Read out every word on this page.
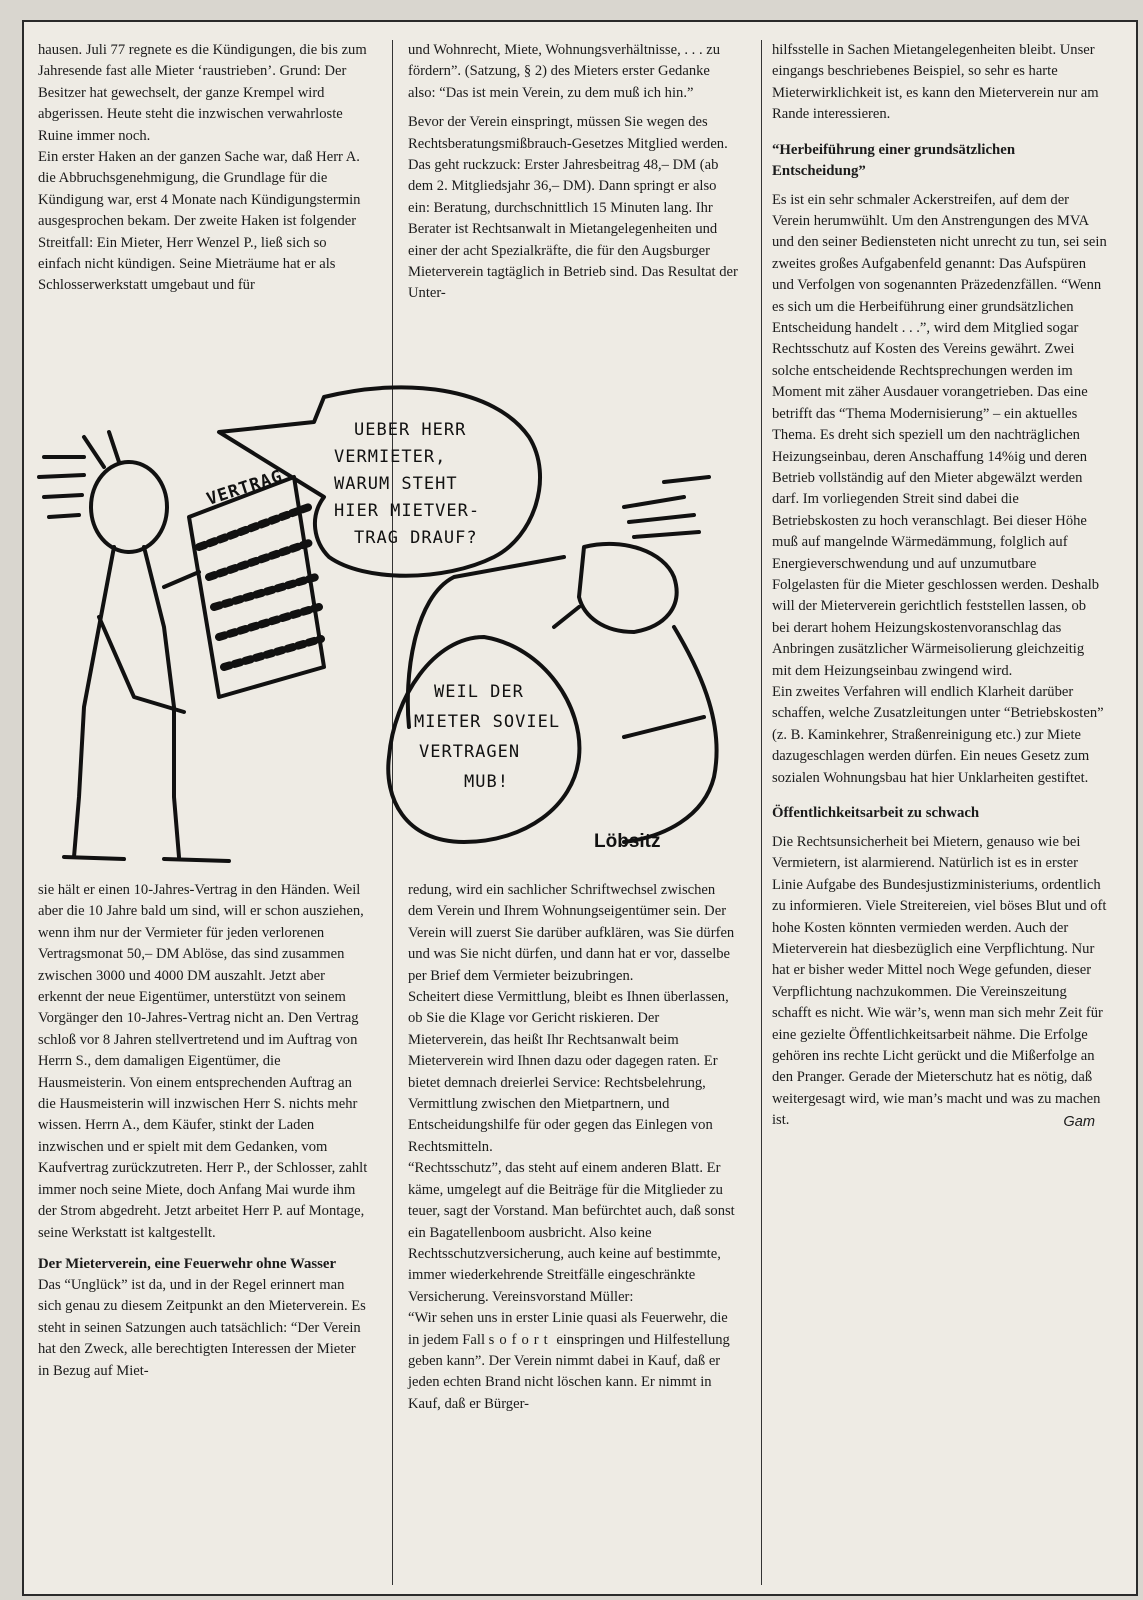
hausen. Juli 77 regnete es die Kündigungen, die bis zum Jahresende fast alle Mieter ‘raustrieben’. Grund: Der Besitzer hat gewechselt, der ganze Krempel wird abgerissen. Heute steht die inzwischen verwahrloste Ruine immer noch.

Ein erster Haken an der ganzen Sache war, daß Herr A. die Abbruchsgenehmigung, die Grundlage für die Kündigung war, erst 4 Monate nach Kündigungstermin ausgesprochen bekam. Der zweite Haken ist folgender Streitfall: Ein Mieter, Herr Wenzel P., ließ sich so einfach nicht kündigen. Seine Mieträume hat er als Schlosserwerkstatt umgebaut und für

und Wohnrecht, Miete, Wohnungsverhältnisse, . . . zu fördern”. (Satzung, § 2) des Mieters erster Gedanke also: “Das ist mein Verein, zu dem muß ich hin.”

Bevor der Verein einspringt, müssen Sie wegen des Rechtsberatungsmißbrauch-Gesetzes Mitglied werden. Das geht ruckzuck: Erster Jahresbeitrag 48,– DM (ab dem 2. Mitgliedsjahr 36,– DM). Dann springt er also ein: Beratung, durchschnittlich 15 Minuten lang. Ihr Berater ist Rechtsanwalt in Mietangelegenheiten und einer der acht Spezialkräfte, die für den Augsburger Mieterverein tagtäglich in Betrieb sind. Das Resultat der Unter-

hilfsstelle in Sachen Mietangelegenheiten bleibt. Unser eingangs beschriebenes Beispiel, so sehr es harte Mieterwirklichkeit ist, es kann den Mieterverein nur am Rande interessieren.

“Herbeiführung einer grundsätzlichen Entscheidung”

Es ist ein sehr schmaler Ackerstreifen, auf dem der Verein herumwühlt. Um den Anstrengungen des MVA und den seiner Bediensteten nicht unrecht zu tun, sei sein zweites großes Aufgabenfeld genannt: Das Aufspüren und Verfolgen von sogenannten Präzedenzfällen. “Wenn es sich um die Herbeiführung einer grundsätzlichen Entscheidung handelt . . .”, wird dem Mitglied sogar Rechtsschutz auf Kosten des Vereins gewährt. Zwei solche entscheidende Rechtsprechungen werden im Moment mit zäher Ausdauer vorangetrieben. Das eine betrifft das “Thema Modernisierung” – ein aktuelles Thema. Es dreht sich speziell um den nachträglichen Heizungseinbau, deren Anschaffung 14%ig und deren Betrieb vollständig auf den Mieter abgewälzt werden darf. Im vorliegenden Streit sind dabei die Betriebskosten zu hoch veranschlagt. Bei dieser Höhe muß auf mangelnde Wärmedämmung, folglich auf Energieverschwendung und auf unzumutbare Folgelasten für die Mieter geschlossen werden. Deshalb will der Mieterverein gerichtlich feststellen lassen, ob bei derart hohem Heizungskostenvoranschlag das Anbringen zusätzlicher Wärmeisolierung gleichzeitig mit dem Heizungseinbau zwingend wird.

Ein zweites Verfahren will endlich Klarheit darüber schaffen, welche Zusatzleitungen unter “Betriebskosten” (z. B. Kaminkehrer, Straßenreinigung etc.) zur Miete dazugeschlagen werden dürfen. Ein neues Gesetz zum sozialen Wohnungsbau hat hier Unklarheiten gestiftet.

Öffentlichkeitsarbeit zu schwach

Die Rechtsunsicherheit bei Mietern, genauso wie bei Vermietern, ist alarmierend. Natürlich ist es in erster Linie Aufgabe des Bundesjustizministeriums, ordentlich zu informieren. Viele Streitereien, viel böses Blut und oft hohe Kosten könnten vermieden werden. Auch der Mieterverein hat diesbezüglich eine Verpflichtung. Nur hat er bisher weder Mittel noch Wege gefunden, dieser Verpflichtung nachzukommen. Die Vereinszeitung schafft es nicht. Wie wär’s, wenn man sich mehr Zeit für eine gezielte Öffentlichkeitsarbeit nähme. Die Erfolge gehören ins rechte Licht gerückt und die Mißerfolge an den Pranger. Gerade der Mieterschutz hat es nötig, daß weitergesagt wird, wie man’s macht und was zu machen ist.	Gam

VERTRAG
UEBER HERR
VERMIETER,
WARUM STEHT
HIER MIETVER-
TRAG DRAUF?
WEIL DER
MIETER SOVIEL
VERTRAGEN
MUB!
Löbsitz

sie hält er einen 10-Jahres-Vertrag in den Händen. Weil aber die 10 Jahre bald um sind, will er schon ausziehen, wenn ihm nur der Vermieter für jeden verlorenen Vertragsmonat 50,– DM Ablöse, das sind zusammen zwischen 3000 und 4000 DM auszahlt. Jetzt aber erkennt der neue Eigentümer, unterstützt von seinem Vorgänger den 10-Jahres-Vertrag nicht an. Den Vertrag schloß vor 8 Jahren stellvertretend und im Auftrag von Herrn S., dem damaligen Eigentümer, die Hausmeisterin. Von einem entsprechenden Auftrag an die Hausmeisterin will inzwischen Herr S. nichts mehr wissen. Herrn A., dem Käufer, stinkt der Laden inzwischen und er spielt mit dem Gedanken, vom Kaufvertrag zurückzutreten. Herr P., der Schlosser, zahlt immer noch seine Miete, doch Anfang Mai wurde ihm der Strom abgedreht. Jetzt arbeitet Herr P. auf Montage, seine Werkstatt ist kaltgestellt.

Der Mieterverein, eine Feuerwehr ohne Wasser

Das “Unglück” ist da, und in der Regel erinnert man sich genau zu diesem Zeitpunkt an den Mieterverein. Es steht in seinen Satzungen auch tatsächlich: “Der Verein hat den Zweck, alle berechtigten Interessen der Mieter in Bezug auf Miet-

redung, wird ein sachlicher Schriftwechsel zwischen dem Verein und Ihrem Wohnungseigentümer sein. Der Verein will zuerst Sie darüber aufklären, was Sie dürfen und was Sie nicht dürfen, und dann hat er vor, dasselbe per Brief dem Vermieter beizubringen.

Scheitert diese Vermittlung, bleibt es Ihnen überlassen, ob Sie die Klage vor Gericht riskieren. Der Mieterverein, das heißt Ihr Rechtsanwalt beim Mieterverein wird Ihnen dazu oder dagegen raten. Er bietet demnach dreierlei Service: Rechtsbelehrung, Vermittlung zwischen den Mietpartnern, und Entscheidungshilfe für oder gegen das Einlegen von Rechtsmitteln.

“Rechtsschutz”, das steht auf einem anderen Blatt. Er käme, umgelegt auf die Beiträge für die Mitglieder zu teuer, sagt der Vorstand. Man befürchtet auch, daß sonst ein Bagatellenboom ausbricht. Also keine Rechtsschutzversicherung, auch keine auf bestimmte, immer wiederkehrende Streitfälle eingeschränkte Versicherung. Vereinsvorstand Müller:

“Wir sehen uns in erster Linie quasi als Feuerwehr, die in jedem Fall sofort einspringen und Hilfestellung geben kann”. Der Verein nimmt dabei in Kauf, daß er jeden echten Brand nicht löschen kann. Er nimmt in Kauf, daß er Bürger-
